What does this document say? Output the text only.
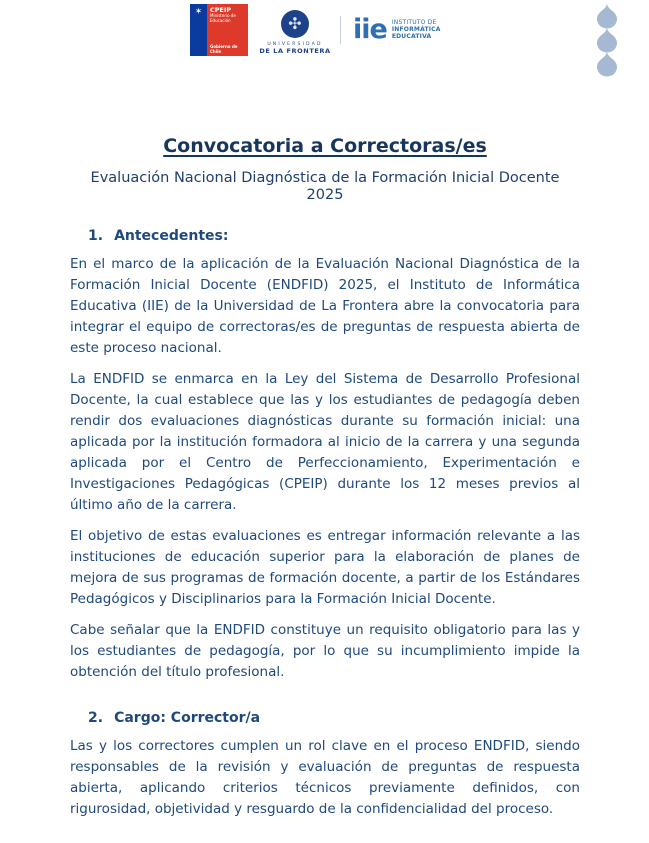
✶ CPEIP
Ministerio de Educación
Gobierno de Chile
✣
UNIVERSIDAD
DE LA FRONTERA
iie INSTITUTO DE
INFORMÁTICA
EDUCATIVA
Convocatoria a Correctoras/es
Evaluación Nacional Diagnóstica de la Formación Inicial Docente
2025
1. Antecedentes:

En el marco de la aplicación de la Evaluación Nacional Diagnóstica de la Formación Inicial Docente (ENDFID) 2025, el Instituto de Informática Educativa (IIE) de la Universidad de La Frontera abre la convocatoria para integrar el equipo de correctoras/es de preguntas de respuesta abierta de este proceso nacional.

La ENDFID se enmarca en la Ley del Sistema de Desarrollo Profesional Docente, la cual establece que las y los estudiantes de pedagogía deben rendir dos evaluaciones diagnósticas durante su formación inicial: una aplicada por la institución formadora al inicio de la carrera y una segunda aplicada por el Centro de Perfeccionamiento, Experimentación e Investigaciones Pedagógicas (CPEIP) durante los 12 meses previos al último año de la carrera.

El objetivo de estas evaluaciones es entregar información relevante a las instituciones de educación superior para la elaboración de planes de mejora de sus programas de formación docente, a partir de los Estándares Pedagógicos y Disciplinarios para la Formación Inicial Docente.

Cabe señalar que la ENDFID constituye un requisito obligatorio para las y los estudiantes de pedagogía, por lo que su incumplimiento impide la obtención del título profesional.

2. Cargo: Corrector/a

Las y los correctores cumplen un rol clave en el proceso ENDFID, siendo responsables de la revisión y evaluación de preguntas de respuesta abierta, aplicando criterios técnicos previamente definidos, con rigurosidad, objetividad y resguardo de la confidencialidad del proceso.
